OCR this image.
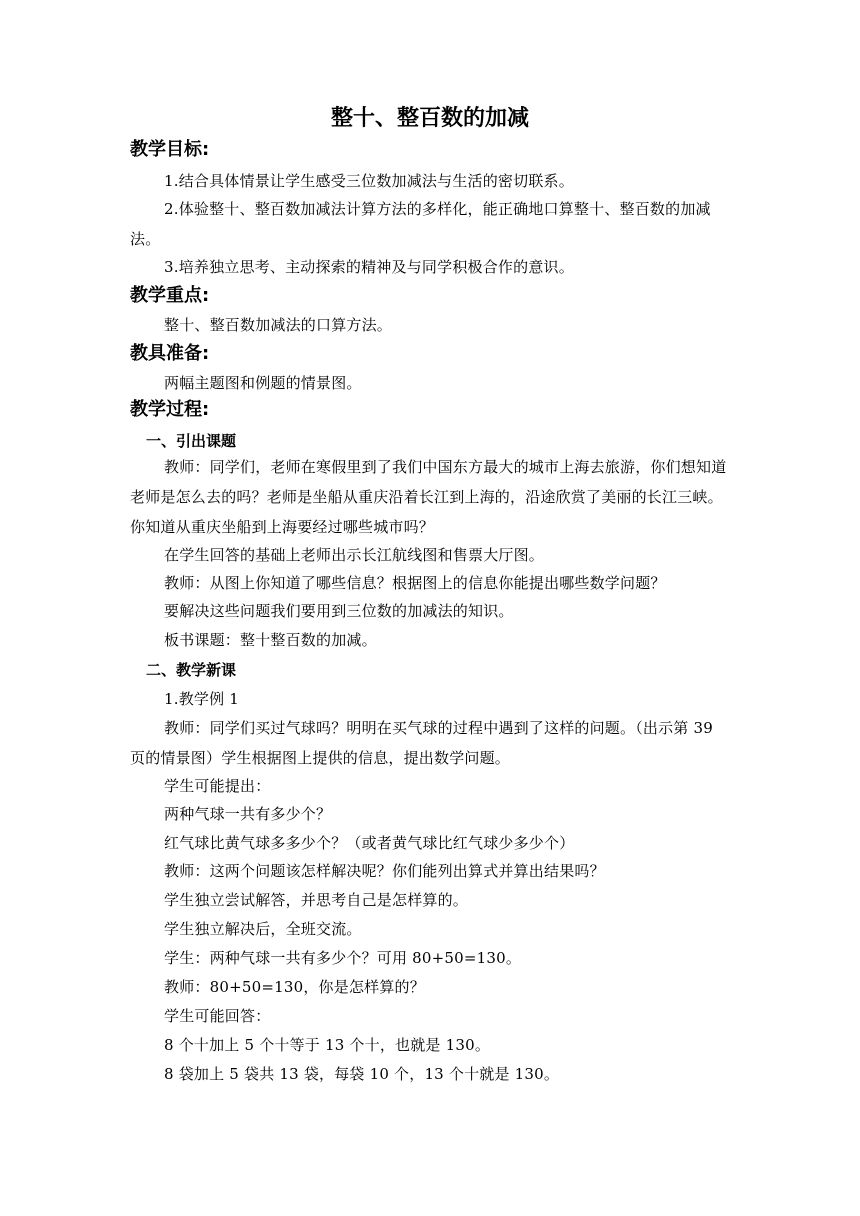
整十、整百数的加减
教学目标:
1.结合具体情景让学生感受三位数加减法与生活的密切联系。
2.体验整十、整百数加减法计算方法的多样化，能正确地口算整十、整百数的加减法。
3.培养独立思考、主动探索的精神及与同学积极合作的意识。
教学重点:
整十、整百数加减法的口算方法。
教具准备:
两幅主题图和例题的情景图。
教学过程:
一、引出课题
教师：同学们，老师在寒假里到了我们中国东方最大的城市上海去旅游，你们想知道老师是怎么去的吗？老师是坐船从重庆沿着长江到上海的，沿途欣赏了美丽的长江三峡。你知道从重庆坐船到上海要经过哪些城市吗？
在学生回答的基础上老师出示长江航线图和售票大厅图。
教师：从图上你知道了哪些信息？根据图上的信息你能提出哪些数学问题？
要解决这些问题我们要用到三位数的加减法的知识。
板书课题：整十整百数的加减。
二、教学新课
1.教学例 1
教师：同学们买过气球吗？明明在买气球的过程中遇到了这样的问题。（出示第 39 页的情景图）学生根据图上提供的信息，提出数学问题。
学生可能提出：
两种气球一共有多少个？
红气球比黄气球多多少个？（或者黄气球比红气球少多少个）
教师：这两个问题该怎样解决呢？你们能列出算式并算出结果吗？
学生独立尝试解答，并思考自己是怎样算的。
学生独立解决后，全班交流。
学生：两种气球一共有多少个？可用 80+50=130。
教师：80+50=130，你是怎样算的？
学生可能回答：
8 个十加上 5 个十等于 13 个十，也就是 130。
8 袋加上 5 袋共 13 袋，每袋 10 个，13 个十就是 130。
